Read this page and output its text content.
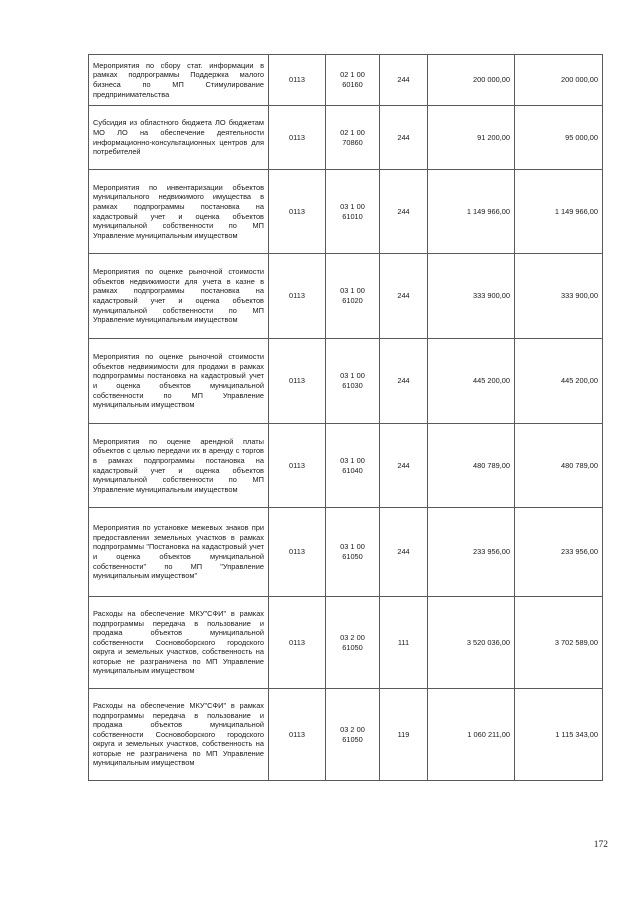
Мероприятия по сбору стат. информации в рамках подпрограммы Поддержка малого бизнеса по МП Стимулирование предпринимательства	0113	02 1 00 60160	244	200 000,00	200 000,00
Субсидия из областного бюджета ЛО бюджетам МО ЛО на обеспечение деятельности информационно-консультационных центров для потребителей	0113	02 1 00 70860	244	91 200,00	95 000,00
Мероприятия по инвентаризации объектов муниципального недвижимого имущества в рамках подпрограммы постановка на кадастровый учет и оценка объектов муниципальной собственности по МП Управление муниципальным имуществом	0113	03 1 00 61010	244	1 149 966,00	1 149 966,00
Мероприятия по оценке рыночной стоимости объектов недвижимости для учета в казне в рамках подпрограммы постановка на кадастровый учет и оценка объектов муниципальной собственности по МП Управление муниципальным имуществом	0113	03 1 00 61020	244	333 900,00	333 900,00
Мероприятия по оценке рыночной стоимости объектов недвижимости для продажи в рамках подпрограммы постановка на кадастровый учет и оценка объектов муниципальной собственности по МП Управление муниципальным имуществом	0113	03 1 00 61030	244	445 200,00	445 200,00
Мероприятия по оценке арендной платы объектов с целью передачи их в аренду с торгов в рамках подпрограммы постановка на кадастровый учет и оценка объектов муниципальной собственности по МП Управление муниципальным имуществом	0113	03 1 00 61040	244	480 789,00	480 789,00
Мероприятия по установке межевых знаков при предоставлении земельных участков в рамках подпрограммы "Постановка на кадастровый учет и оценка объектов муниципальной собственности" по МП "Управление муниципальным имуществом"	0113	03 1 00 61050	244	233 956,00	233 956,00
Расходы на обеспечение МКУ"СФИ" в рамках подпрограммы передача в пользование и продажа объектов муниципальной собственности Сосновоборского городского округа и земельных участков, собственность на которые не разграничена по МП Управление муниципальным имуществом	0113	03 2 00 61050	111	3 520 036,00	3 702 589,00
Расходы на обеспечение МКУ"СФИ" в рамках подпрограммы передача в пользование и продажа объектов муниципальной собственности Сосновоборского городского округа и земельных участков, собственность на которые не разграничена по МП Управление муниципальным имуществом	0113	03 2 00 61050	119	1 060 211,00	1 115 343,00
172
